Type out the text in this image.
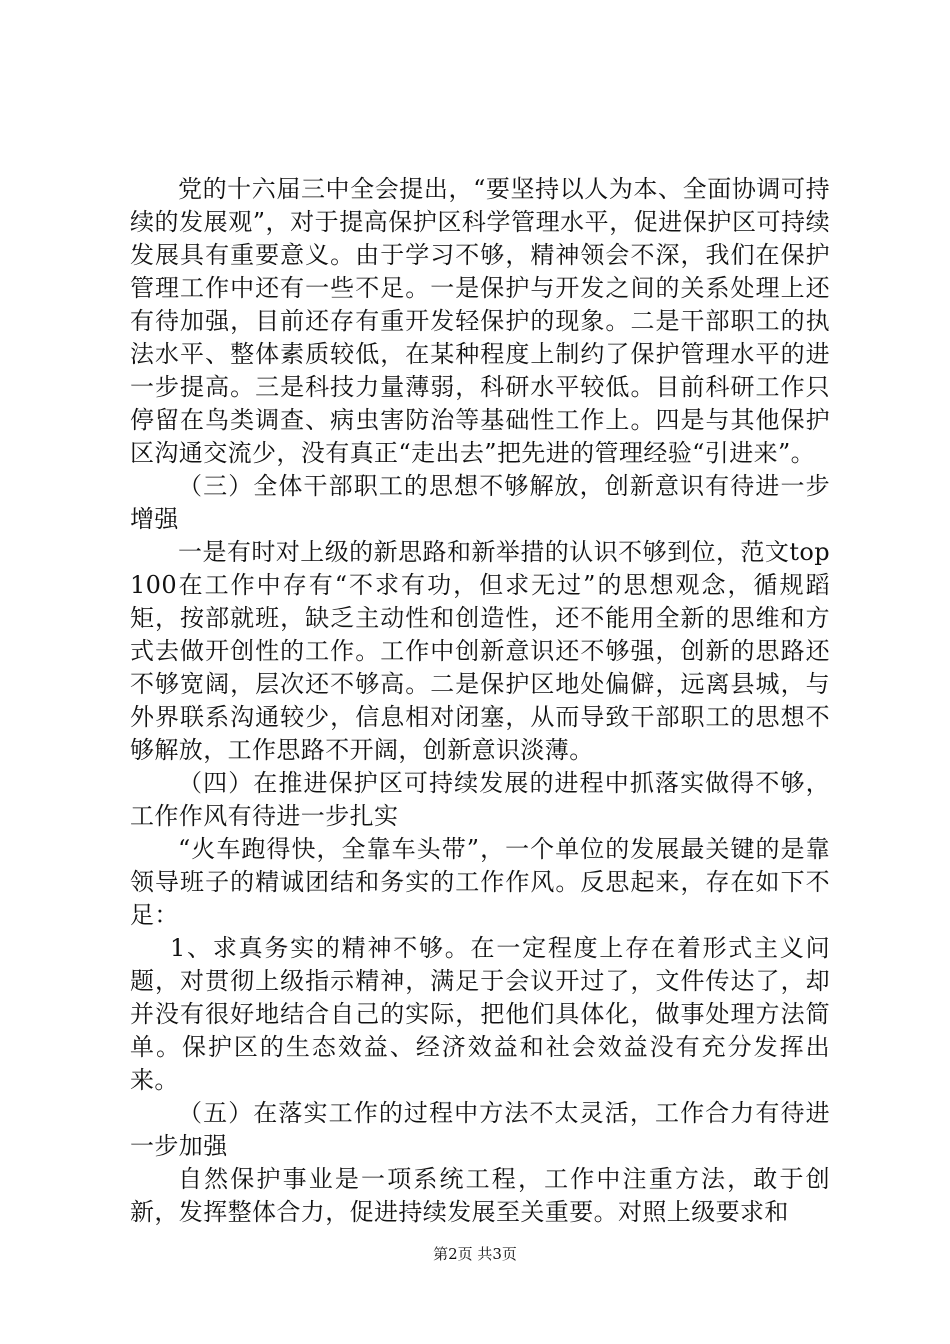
党的十六届三中全会提出，“要坚持以人为本、全面协调可持续的发展观”，对于提高保护区科学管理水平，促进保护区可持续发展具有重要意义。由于学习不够，精神领会不深，我们在保护管理工作中还有一些不足。一是保护与开发之间的关系处理上还有待加强，目前还存有重开发轻保护的现象。二是干部职工的执法水平、整体素质较低，在某种程度上制约了保护管理水平的进一步提高。三是科技力量薄弱，科研水平较低。目前科研工作只停留在鸟类调查、病虫害防治等基础性工作上。四是与其他保护区沟通交流少，没有真正“走出去”把先进的管理经验“引进来”。

（三）全体干部职工的思想不够解放，创新意识有待进一步增强

一是有时对上级的新思路和新举措的认识不够到位，范文top100在工作中存有“不求有功，但求无过”的思想观念，循规蹈矩，按部就班，缺乏主动性和创造性，还不能用全新的思维和方式去做开创性的工作。工作中创新意识还不够强，创新的思路还不够宽阔，层次还不够高。二是保护区地处偏僻，远离县城，与外界联系沟通较少，信息相对闭塞，从而导致干部职工的思想不够解放，工作思路不开阔，创新意识淡薄。

（四）在推进保护区可持续发展的进程中抓落实做得不够，工作作风有待进一步扎实

“火车跑得快，全靠车头带”，一个单位的发展最关键的是靠领导班子的精诚团结和务实的工作作风。反思起来，存在如下不足：

1、求真务实的精神不够。在一定程度上存在着形式主义问题，对贯彻上级指示精神，满足于会议开过了，文件传达了，却并没有很好地结合自己的实际，把他们具体化，做事处理方法简单。保护区的生态效益、经济效益和社会效益没有充分发挥出来。

（五）在落实工作的过程中方法不太灵活，工作合力有待进一步加强

自然保护事业是一项系统工程，工作中注重方法，敢于创新，发挥整体合力，促进持续发展至关重要。对照上级要求和

第2页 共3页
